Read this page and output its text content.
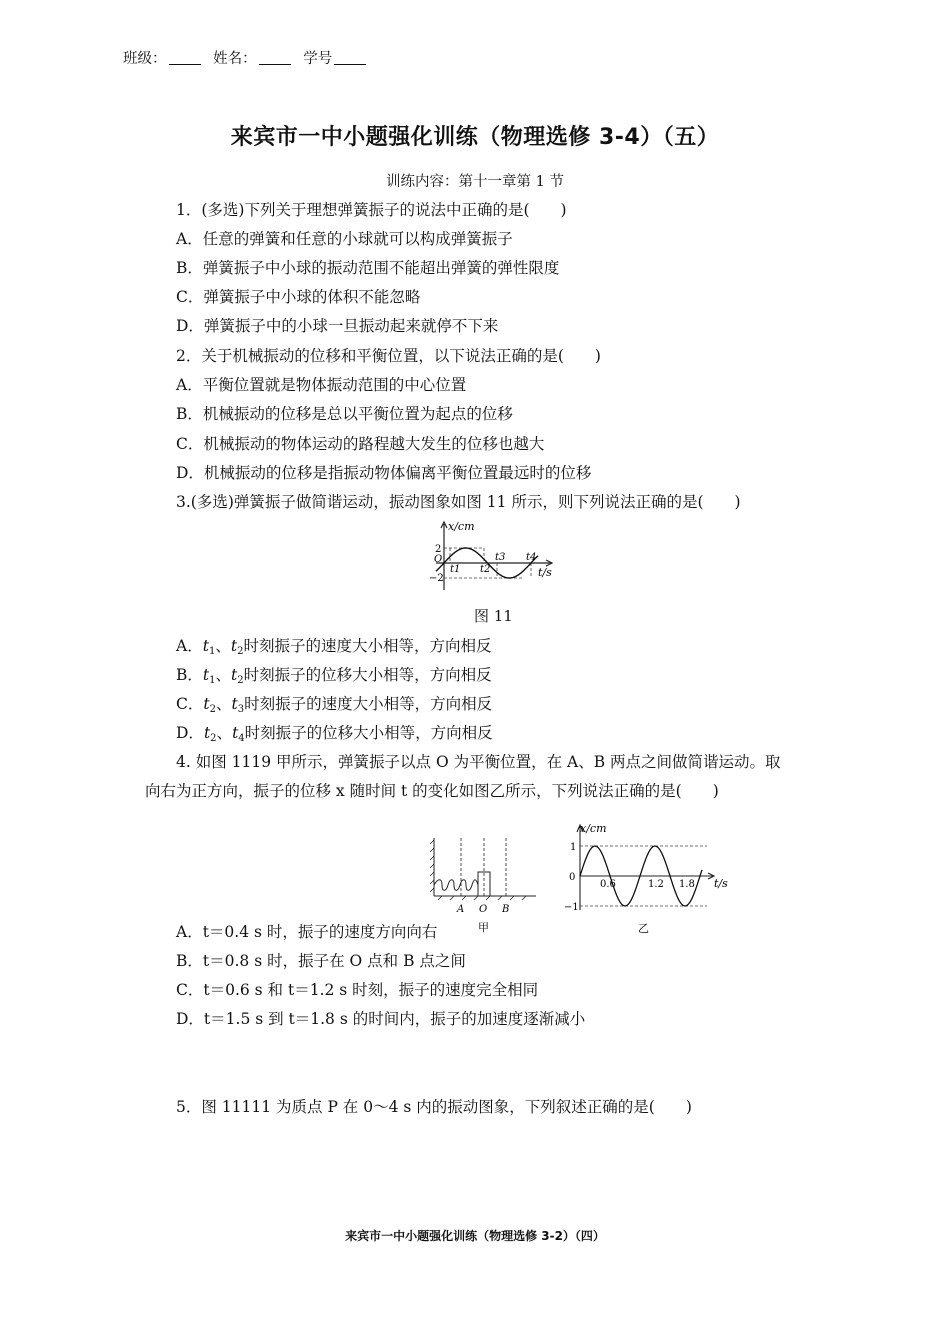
班级：	姓名：	学号
来宾市一中小题强化训练（物理选修 3-4）（五）
训练内容：第十一章第 1 节
1．(多选)下列关于理想弹簧振子的说法中正确的是(　　)
A．任意的弹簧和任意的小球就可以构成弹簧振子
B．弹簧振子中小球的振动范围不能超出弹簧的弹性限度
C．弹簧振子中小球的体积不能忽略
D．弹簧振子中的小球一旦振动起来就停不下来
2．关于机械振动的位移和平衡位置，以下说法正确的是(　　)
A．平衡位置就是物体振动范围的中心位置
B．机械振动的位移是总以平衡位置为起点的位移
C．机械振动的物体运动的路程越大发生的位移也越大
D．机械振动的位移是指振动物体偏离平衡位置最远时的位移
3.(多选)弹簧振子做简谐运动，振动图象如图 11 所示，则下列说法正确的是(　　)
x/cm
t/s
O
2
−2
t1 t2
t3 t4
图 11
A．$t_1$、$t_2$时刻振子的速度大小相等，方向相反
B．$t_1$、$t_2$时刻振子的位移大小相等，方向相反
C．$t_2$、$t_3$时刻振子的速度大小相等，方向相反
D．$t_2$、$t_4$时刻振子的位移大小相等，方向相反
4. 如图 1119 甲所示，弹簧振子以点 O 为平衡位置，在 A、B 两点之间做简谐运动。取
向右为正方向，振子的位移 x 随时间 t 的变化如图乙所示，下列说法正确的是(　　)
A O B
甲
x/cm
t/s
0
1
−1
0.6	1.2 1.8
乙
A．t＝0.4 s 时，振子的速度方向向右
B．t＝0.8 s 时，振子在 O 点和 B 点之间
C．t＝0.6 s 和 t＝1.2 s 时刻，振子的速度完全相同
D．t＝1.5 s 到 t＝1.8 s 的时间内，振子的加速度逐渐减小
5．图 11111 为质点 P 在 0～4 s 内的振动图象，下列叙述正确的是(　　)
来宾市一中小题强化训练（物理选修 3-2）（四）
